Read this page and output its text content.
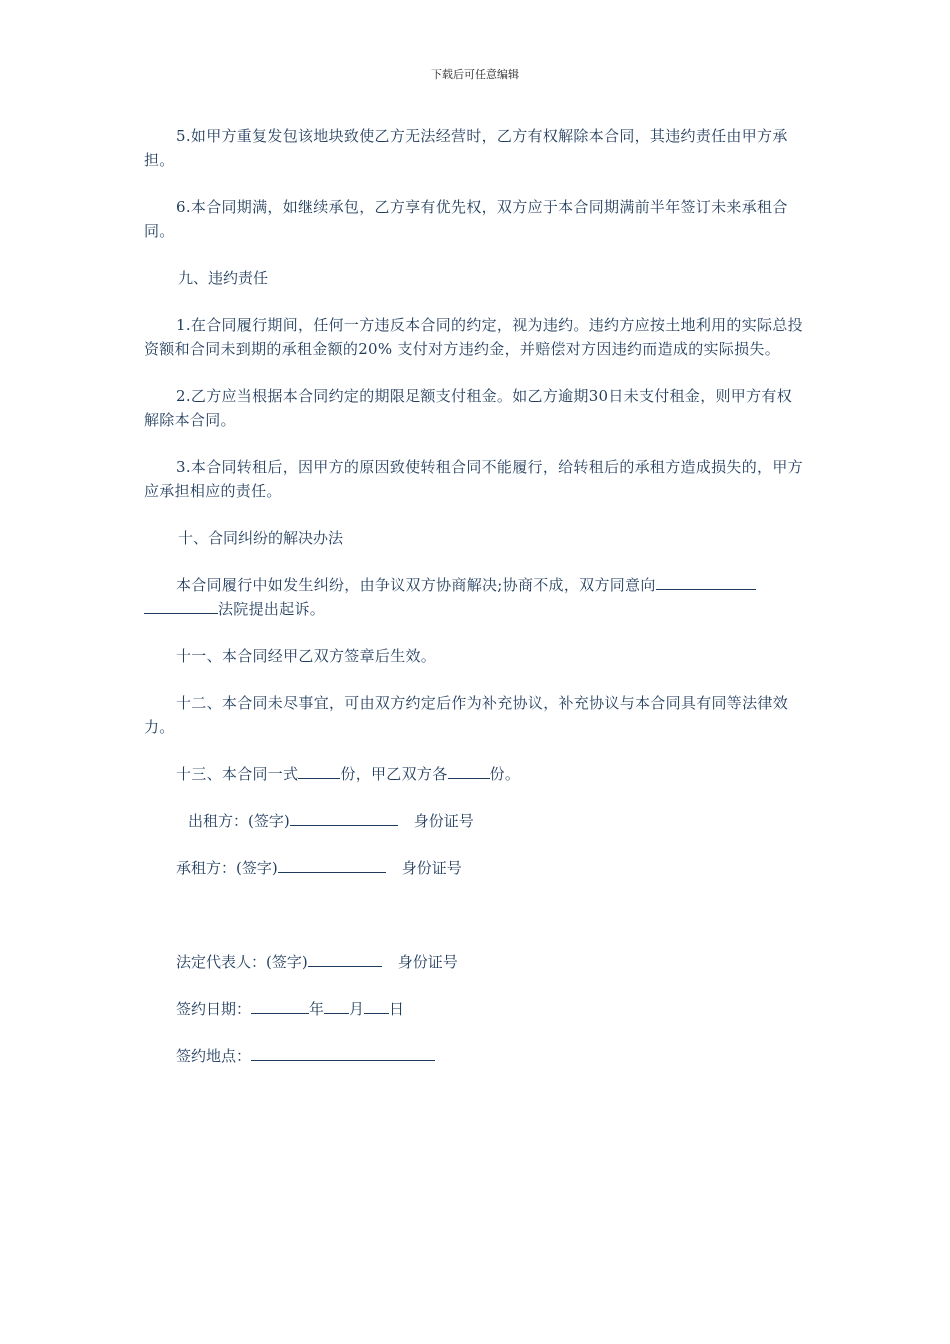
下载后可任意编辑

5.如甲方重复发包该地块致使乙方无法经营时，乙方有权解除本合同，其违约责任由甲方承担。

6.本合同期满，如继续承包，乙方享有优先权，双方应于本合同期满前半年签订未来承租合同。

九、违约责任

1.在合同履行期间，任何一方违反本合同的约定，视为违约。违约方应按土地利用的实际总投资额和合同未到期的承租金额的20% 支付对方违约金，并赔偿对方因违约而造成的实际损失。

2.乙方应当根据本合同约定的期限足额支付租金。如乙方逾期30日未支付租金，则甲方有权解除本合同。

3.本合同转租后，因甲方的原因致使转租合同不能履行，给转租后的承租方造成损失的，甲方应承担相应的责任。

十、合同纠纷的解决办法

本合同履行中如发生纠纷，由争议双方协商解决;协商不成，双方同意向
法院提出起诉。

十一、本合同经甲乙双方签章后生效。

十二、本合同未尽事宜，可由双方约定后作为补充协议，补充协议与本合同具有同等法律效力。

十三、本合同一式	份，甲乙双方各	份。

出租方：(签字)	身份证号
承租方：(签字)	身份证号
法定代表人：(签字)	身份证号
签约日期：	年 月 日
签约地点：
